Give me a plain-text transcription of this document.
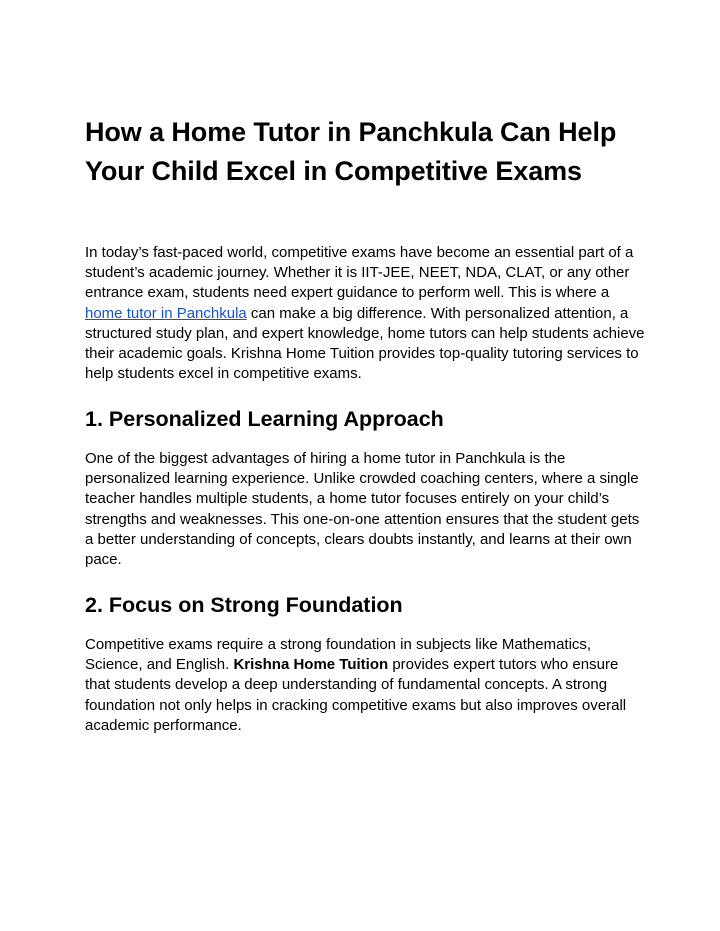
How a Home Tutor in Panchkula Can Help Your Child Excel in Competitive Exams

In today’s fast-paced world, competitive exams have become an essential part of a student’s academic journey. Whether it is IIT-JEE, NEET, NDA, CLAT, or any other entrance exam, students need expert guidance to perform well. This is where a home tutor in Panchkula can make a big difference. With personalized attention, a structured study plan, and expert knowledge, home tutors can help students achieve their academic goals. Krishna Home Tuition provides top-quality tutoring services to help students excel in competitive exams.

1. Personalized Learning Approach

One of the biggest advantages of hiring a home tutor in Panchkula is the personalized learning experience. Unlike crowded coaching centers, where a single teacher handles multiple students, a home tutor focuses entirely on your child’s strengths and weaknesses. This one-on-one attention ensures that the student gets a better understanding of concepts, clears doubts instantly, and learns at their own pace.

2. Focus on Strong Foundation

Competitive exams require a strong foundation in subjects like Mathematics, Science, and English. Krishna Home Tuition provides expert tutors who ensure that students develop a deep understanding of fundamental concepts. A strong foundation not only helps in cracking competitive exams but also improves overall academic performance.
